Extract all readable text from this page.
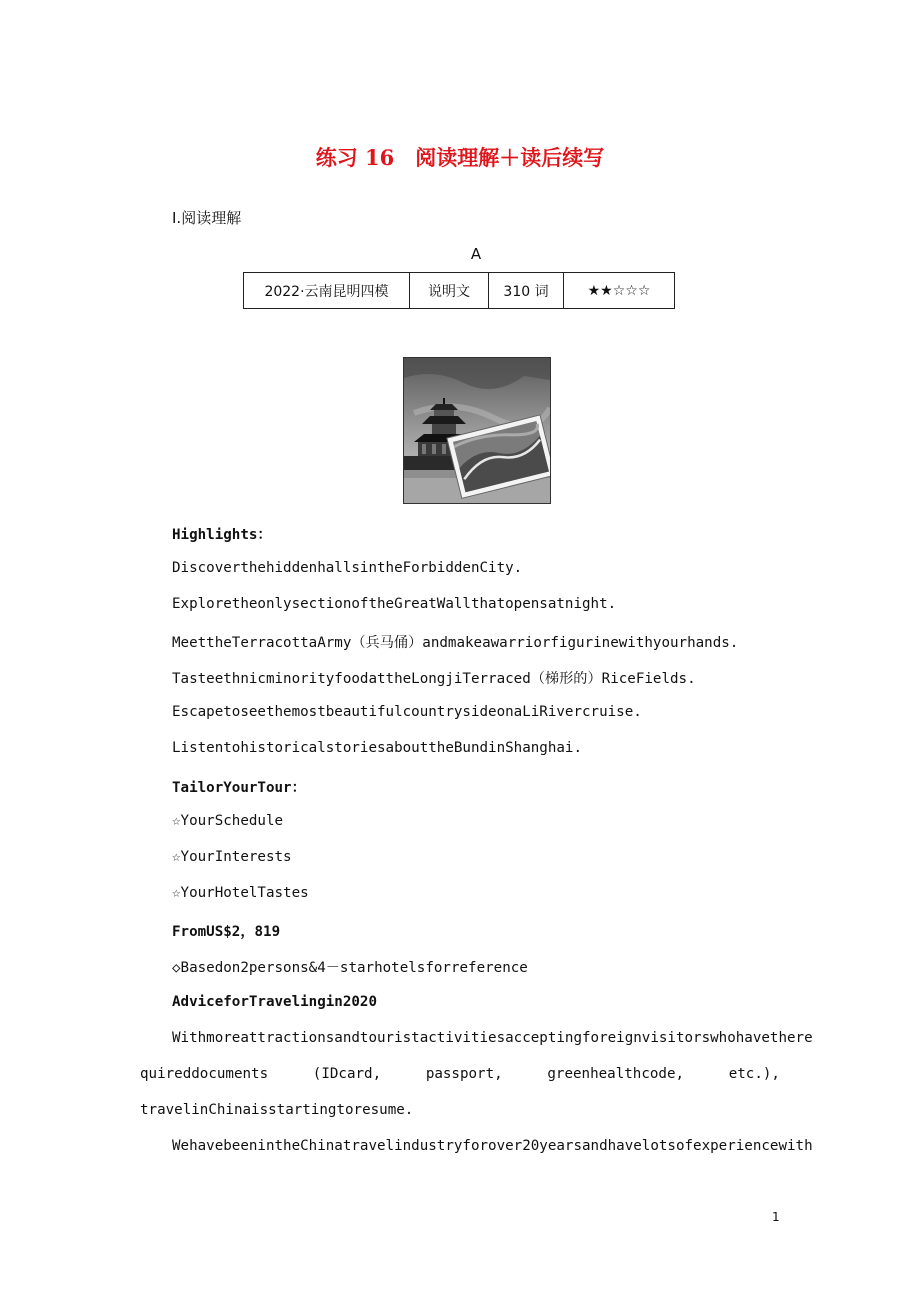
练习 16　阅读理解＋读后续写
Ⅰ.阅读理解
A
2022·云南昆明四模	说明文	310 词	★★☆☆☆
Highlights：
DiscoverthehiddenhallsintheForbiddenCity.
ExploretheonlysectionoftheGreatWallthatopensatnight.
MeettheTerracottaArmy（兵马俑）andmakeawarriorfigurinewithyourhands.
TasteethnicminorityfoodattheLongjiTerraced（梯形的）RiceFields.
EscapetoseethemostbeautifulcountrysideonaLiRivercruise.
ListentohistoricalstoriesabouttheBundinShanghai.
TailorYourTour：
☆YourSchedule
☆YourInterests
☆YourHotelTastes
FromUS$2，819
◇Basedon2persons&4－starhotelsforreference
AdviceforTravelingin2020
Withmoreattractionsandtouristactivitiesacceptingforeignvisitorswhohavethere
quireddocuments	(IDcard,	passport,	greenhealthcode,	etc.),
travelinChinaisstartingtoresume.
WehavebeenintheChinatravelindustryforover20yearsandhavelotsofexperiencewith
1
